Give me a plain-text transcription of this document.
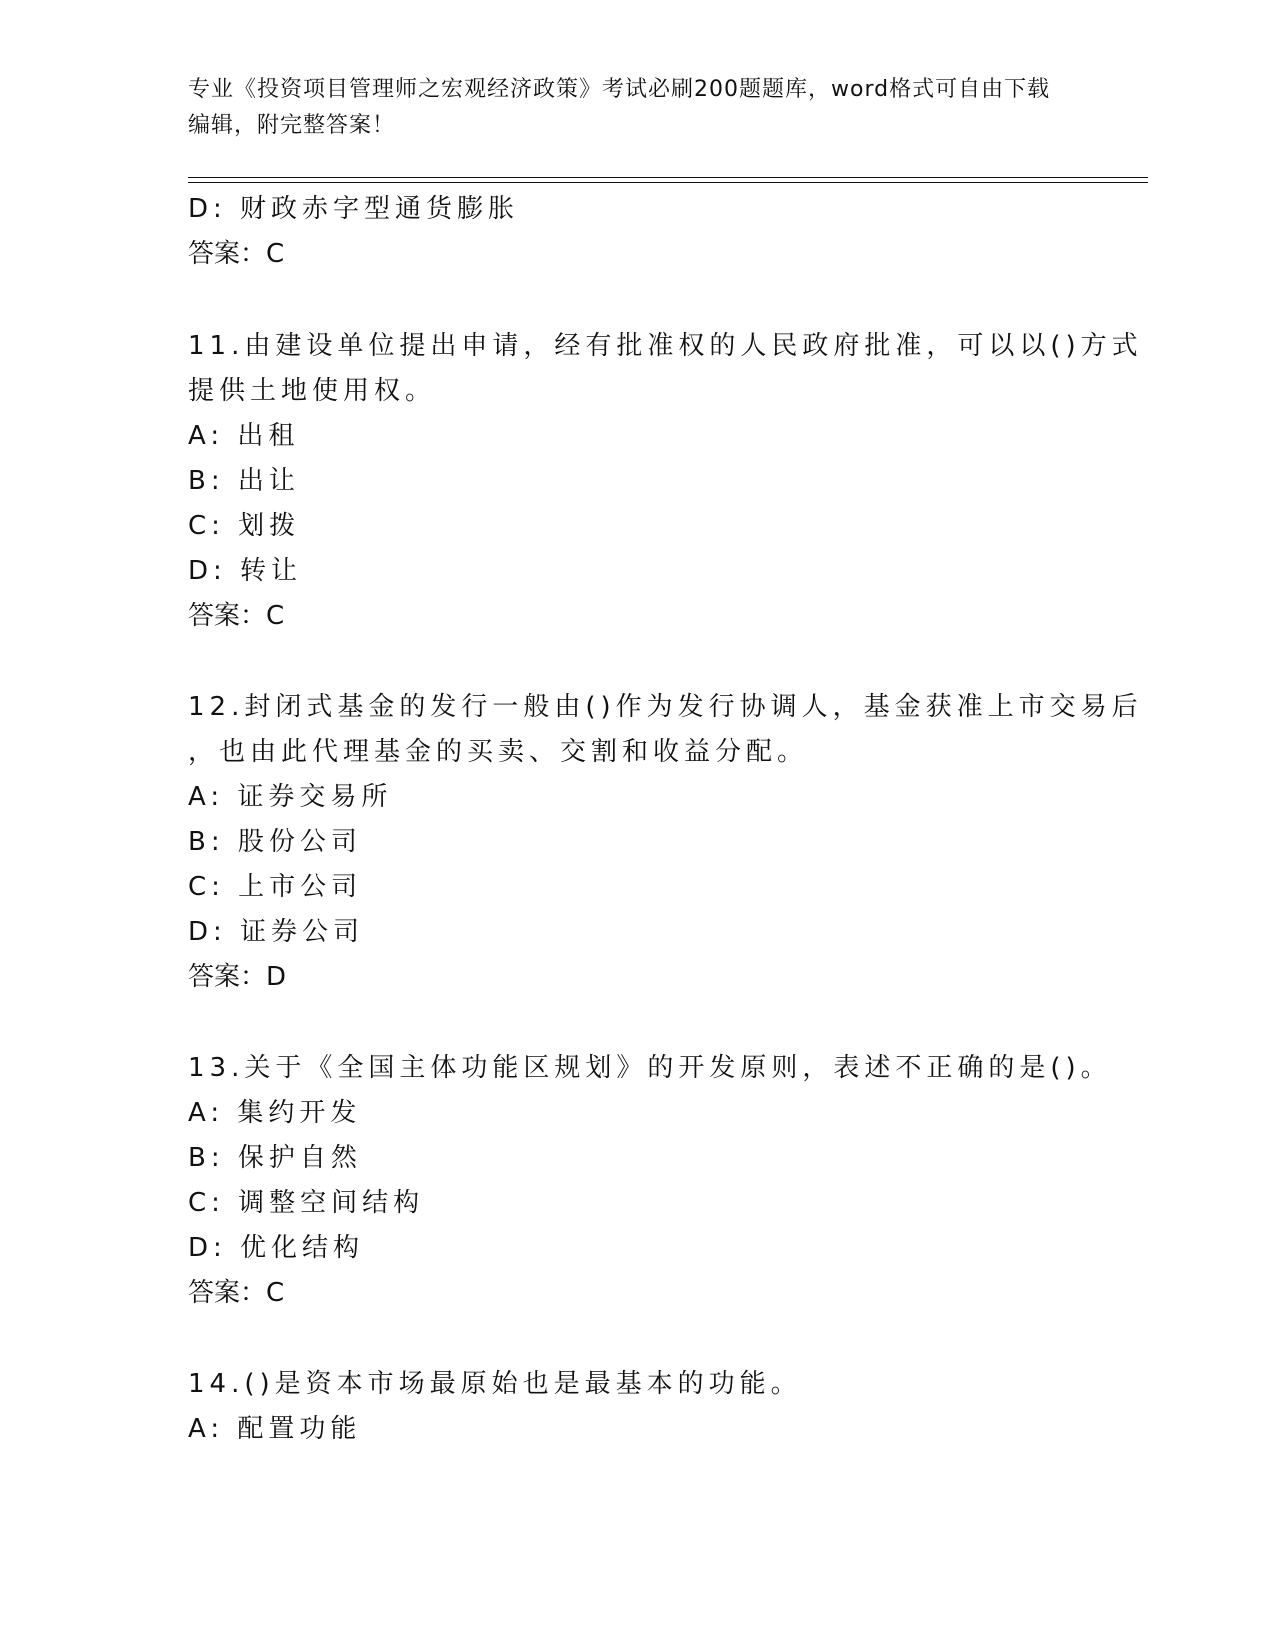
专业《投资项目管理师之宏观经济政策》考试必刷200题题库，word格式可自由下载编辑，附完整答案！
D: 财政赤字型通货膨胀
答案：C
11.由建设单位提出申请，经有批准权的人民政府批准，可以以()方式
提供土地使用权。
A: 出租
B: 出让
C: 划拨
D: 转让
答案：C
12.封闭式基金的发行一般由()作为发行协调人，基金获准上市交易后
，也由此代理基金的买卖、交割和收益分配。
A: 证券交易所
B: 股份公司
C: 上市公司
D: 证券公司
答案：D
13.关于《全国主体功能区规划》的开发原则，表述不正确的是()。
A: 集约开发
B: 保护自然
C: 调整空间结构
D: 优化结构
答案：C
14.()是资本市场最原始也是最基本的功能。
A: 配置功能
